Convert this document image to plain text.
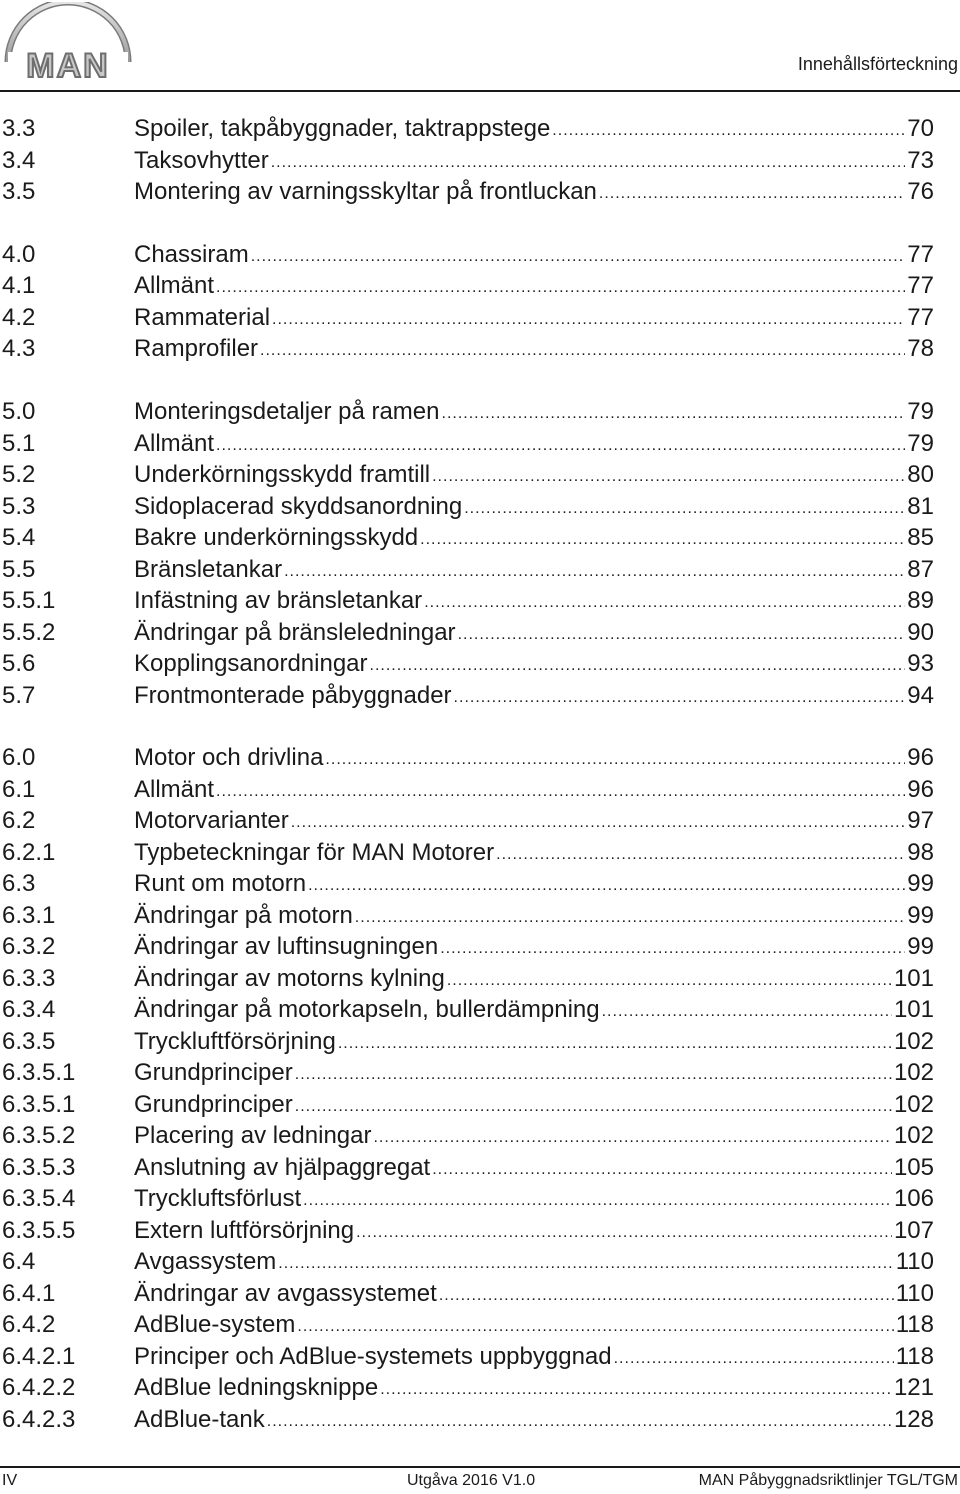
MAN	Innehållsförteckning
3.3	Spoiler, takpåbyggnader, taktrappstege .....	70
3.4	Taksovhytter .....	73
3.5	Montering av varningsskyltar på frontluckan .....	76
4.0	Chassiram .....	77
4.1	Allmänt .....	77
4.2	Rammaterial .....	77
4.3	Ramprofiler .....	78
5.0	Monteringsdetaljer på ramen .....	79
5.1	Allmänt .....	79
5.2	Underkörningsskydd framtill .....	80
5.3	Sidoplacerad skyddsanordning .....	81
5.4	Bakre underkörningsskydd .....	85
5.5	Bränsletankar .....	87
5.5.1	Infästning av bränsletankar .....	89
5.5.2	Ändringar på bränsleledningar .....	90
5.6	Kopplingsanordningar .....	93
5.7	Frontmonterade påbyggnader .....	94
6.0	Motor och drivlina .....	96
6.1	Allmänt .....	96
6.2	Motorvarianter .....	97
6.2.1	Typbeteckningar för MAN Motorer .....	98
6.3	Runt om motorn .....	99
6.3.1	Ändringar på motorn .....	99
6.3.2	Ändringar av luftinsugningen .....	99
6.3.3	Ändringar av motorns kylning .....	101
6.3.4	Ändringar på motorkapseln, bullerdämpning .....	101
6.3.5	Tryckluftförsörjning .....	102
6.3.5.1	Grundprinciper .....	102
6.3.5.1	Grundprinciper .....	102
6.3.5.2	Placering av ledningar .....	102
6.3.5.3	Anslutning av hjälpaggregat .....	105
6.3.5.4	Tryckluftsförlust .....	106
6.3.5.5	Extern luftförsörjning .....	107
6.4	Avgassystem .....	110
6.4.1	Ändringar av avgassystemet .....	110
6.4.2	AdBlue-system .....	118
6.4.2.1	Principer och AdBlue-systemets uppbyggnad .....	118
6.4.2.2	AdBlue ledningsknippe .....	121
6.4.2.3	AdBlue-tank .....	128
IV	Utgåva 2016 V1.0	MAN Påbyggnadsriktlinjer TGL/TGM
